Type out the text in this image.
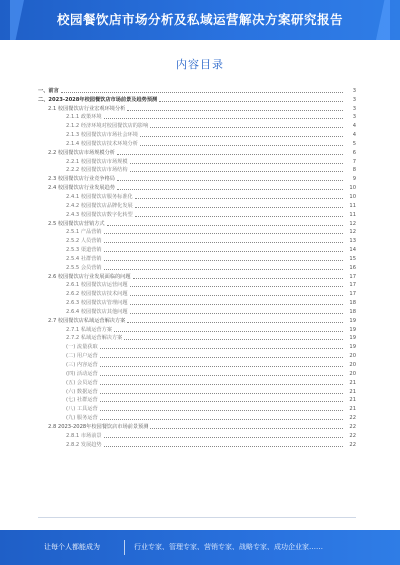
校园餐饮店市场分析及私域运营解决方案研究报告
内容目录
一、前言	3
二、2023-2028年校园餐饮店市场前景及趋势预测	3
2.1 校园餐饮店行业宏观环境分析	3
2.1.1 政策环境	3
2.1.2 经济环境对校园餐饮店的影响	4
2.1.3 校园餐饮店市场社会环境	4
2.1.4 校园餐饮店技术环境分析	5
2.2 校园餐饮店市场规模分析	6
2.2.1 校园餐饮店市场规模	7
2.2.2 校园餐饮店市场结构	8
2.3 校园餐饮店行业竞争格局	9
2.4 校园餐饮店行业发展趋势	10
2.4.1 校园餐饮店服务标准化	10
2.4.2 校园餐饮店品牌化发展	11
2.4.3 校园餐饮店数字化转型	11
2.5 校园餐饮店营销方式	12
2.5.1 产品营销	12
2.5.2 人员营销	13
2.5.3 渠道营销	14
2.5.4 社群营销	15
2.5.5 会员营销	16
2.6 校园餐饮店行业发展面临的问题	17
2.6.1 校园餐饮店运营问题	17
2.6.2 校园餐饮店技术问题	17
2.6.3 校园餐饮店管理问题	18
2.6.4 校园餐饮店其他问题	18
2.7 校园餐饮店私域运营解决方案	19
2.7.1 私域运营方案	19
2.7.2 私域运营解决方案	19
(一) 流量获取	19
(二) 用户运营	20
(三) 内容运营	20
(四) 活动运营	20
(五) 会员运营	21
(六) 数据运营	21
(七) 社群运营	21
(八) 工具运营	21
(九) 服务运营	22
2.8 2023-2028年校园餐饮店市场前景预测	22
2.8.1 市场前景	22
2.8.2 发展趋势	22
让每个人都能成为	行业专家、管理专家、营销专家、战略专家、成功企业家……
